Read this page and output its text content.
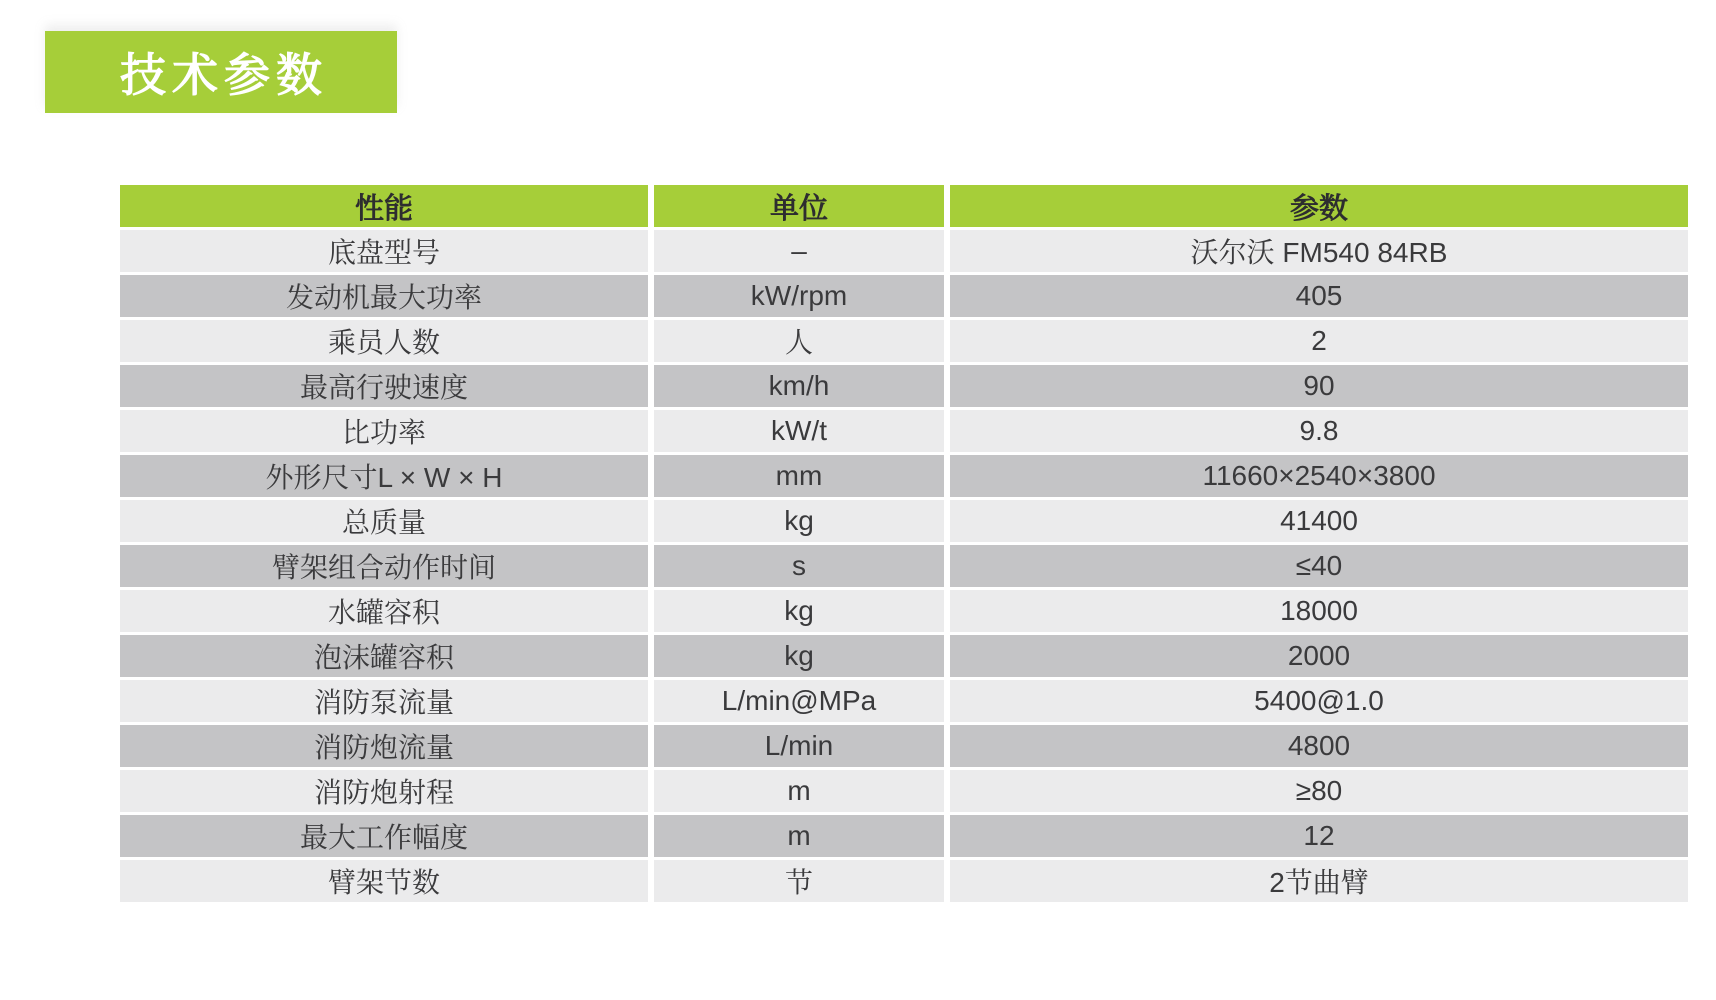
技术参数
性能	单位	参数
底盘型号	–	沃尔沃 FM540 84RB
发动机最大功率	kW/rpm	405
乘员人数	人	2
最高行驶速度	km/h	90
比功率	kW/t	9.8
外形尺寸L × W × H	mm	11660×2540×3800
总质量	kg	41400
臂架组合动作时间	s	≤40
水罐容积	kg	18000
泡沫罐容积	kg	2000
消防泵流量	L/min@MPa	5400@1.0
消防炮流量	L/min	4800
消防炮射程	m	≥80
最大工作幅度	m	12
臂架节数	节	2节曲臂
